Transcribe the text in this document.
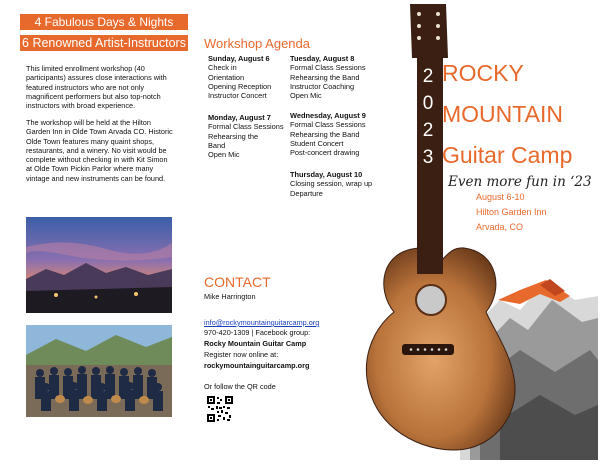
4 Fabulous Days & Nights
6 Renowned Artist-Instructors
This limited enrollment workshop (40 participants) assures close interactions with featured instructors who are not only magnificent performers but also top-notch instructors with broad experience.
The workshop will be held at the Hilton Garden Inn in Olde Town Arvada CO. Historic Olde Town features many quaint shops, restaurants, and a winery. No visit would be complete without checking in with Kit Simon at Olde Town Pickin Parlor where many vintage and new instruments can be found.
Workshop Agenda
Sunday, August 6
Check in
Orientation
Opening Reception
Instructor Concert
Tuesday, August 8
Formal Class Sessions
Rehearsing the Band
Instructor Coaching
Open Mic
Monday, August 7
Formal Class Sessions
Rehearsing the
Band
Open Mic
Wednesday, August 9
Formal Class Sessions
Rehearsing the Band
Student Concert
Post-concert drawing
Thursday, August 10
Closing session, wrap up
Departure
CONTACT
Mike Harrington
info@rockymountainguitarcamp.org
970-420-1309 | Facebook group:
Rocky Mountain Guitar Camp
Register now online at:
rockymountainguitarcamp.org
Or follow the QR code
2
0
2
3
ROCKY
MOUNTAIN
Guitar Camp
Even more fun in ‘23
August 6-10
Hilton Garden Inn
Arvada, CO
